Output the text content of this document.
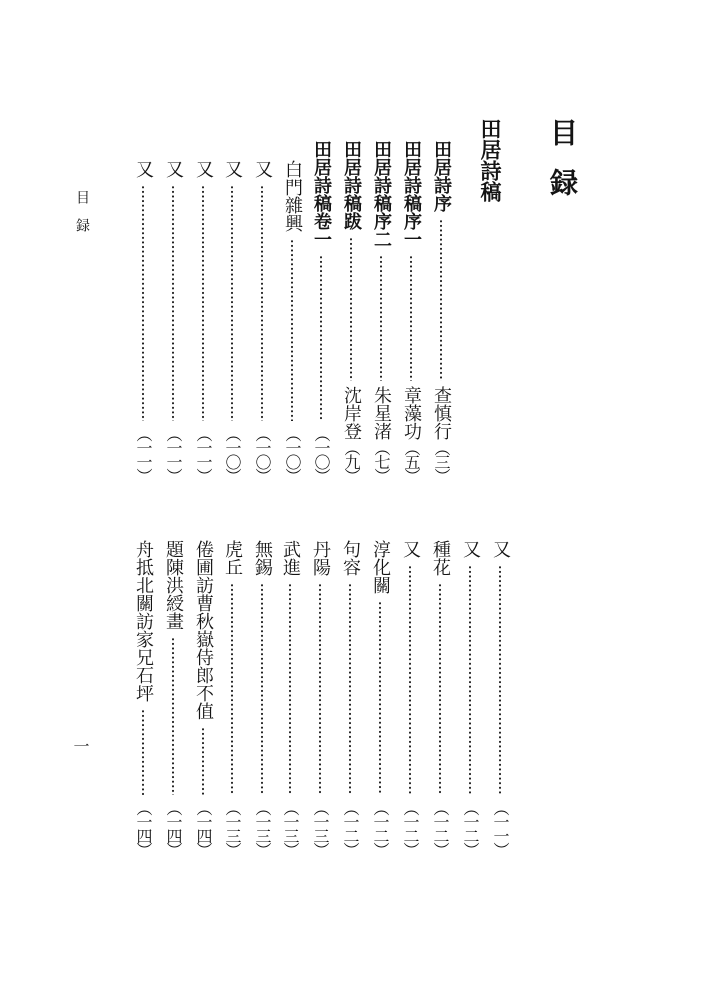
目録
田居詩稿
目録
一
田居詩序
查慎行
（三）
田居詩稿序一
章藻功
（五）
田居詩稿序二
朱星渚
（七）
田居詩稿跋
沈岸登
（九）
田居詩稿卷一
（一〇）
白門雜興
（一〇）
又
（一〇）
又
（一〇）
又
（一一）
又
（一一）
又
（一一）
又
（一一）
又
（一二）
種花
（一二）
又
（一二）
淳化關
（一二）
句容
（一二）
丹陽
（一三）
武進
（一三）
無錫
（一三）
虎丘
（一三）
倦圃訪曹秋嶽侍郎不值
（一四）
題陳洪綬畫
（一四）
舟抵北關訪家兄石坪
（一四）
